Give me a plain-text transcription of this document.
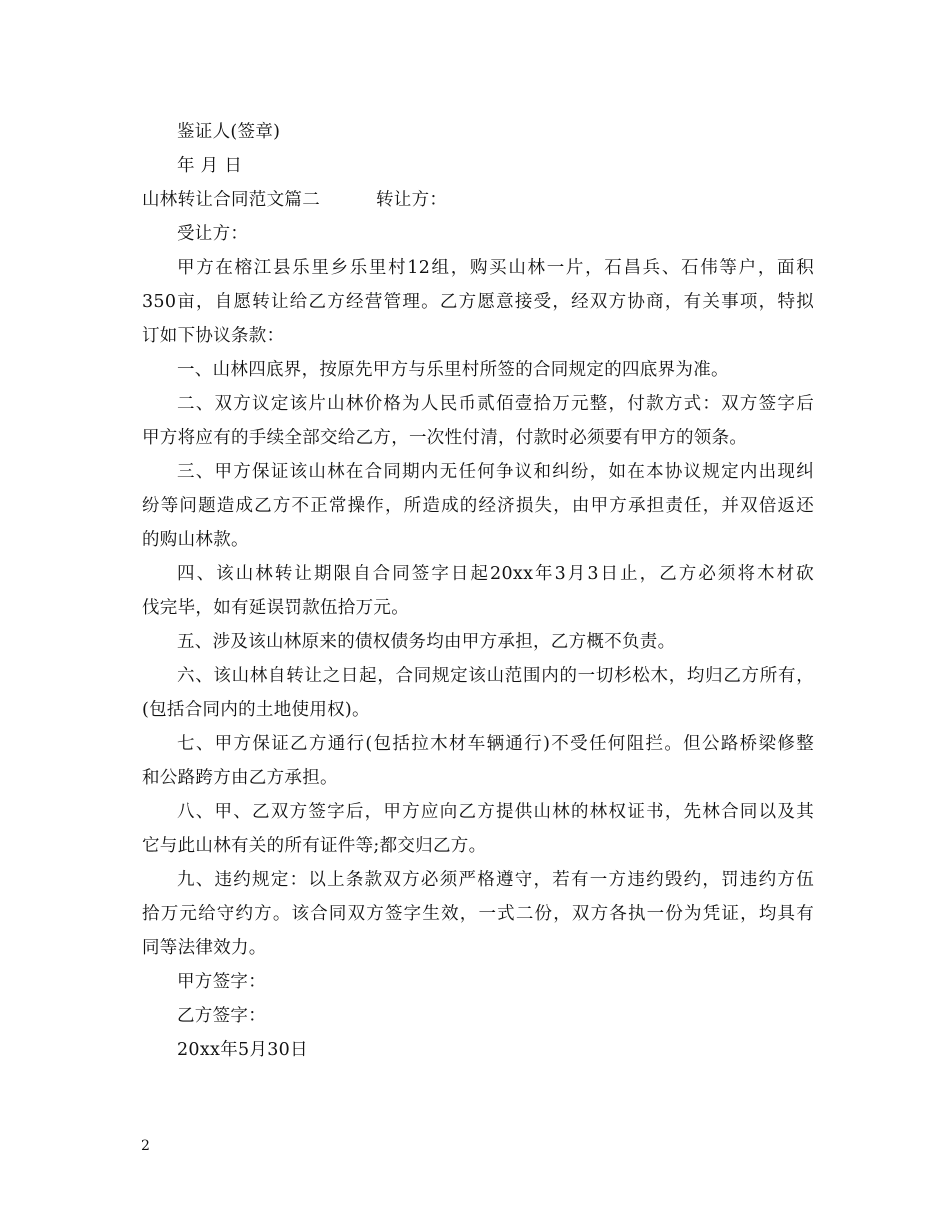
鉴证人(签章)
年 月 日
山林转让合同范文篇二	转让方：
受让方：
甲方在榕江县乐里乡乐里村12组，购买山林一片，石昌兵、石伟等户，面积
350亩，自愿转让给乙方经营管理。乙方愿意接受，经双方协商，有关事项，特拟
订如下协议条款：
一、山林四底界，按原先甲方与乐里村所签的合同规定的四底界为准。
二、双方议定该片山林价格为人民币贰佰壹拾万元整，付款方式：双方签字后
甲方将应有的手续全部交给乙方，一次性付清，付款时必须要有甲方的领条。
三、甲方保证该山林在合同期内无任何争议和纠纷，如在本协议规定内出现纠
纷等问题造成乙方不正常操作，所造成的经济损失，由甲方承担责任，并双倍返还
的购山林款。
四、该山林转让期限自合同签字日起20xx年3月3日止，乙方必须将木材砍
伐完毕，如有延误罚款伍拾万元。
五、涉及该山林原来的债权债务均由甲方承担，乙方概不负责。
六、该山林自转让之日起，合同规定该山范围内的一切杉松木，均归乙方所有，
(包括合同内的土地使用权)。
七、甲方保证乙方通行(包括拉木材车辆通行)不受任何阻拦。但公路桥梁修整
和公路跨方由乙方承担。
八、甲、乙双方签字后，甲方应向乙方提供山林的林权证书，先林合同以及其
它与此山林有关的所有证件等;都交归乙方。
九、违约规定：以上条款双方必须严格遵守，若有一方违约毁约，罚违约方伍
拾万元给守约方。该合同双方签字生效，一式二份，双方各执一份为凭证，均具有
同等法律效力。
甲方签字：
乙方签字：
20xx年5月30日
2
